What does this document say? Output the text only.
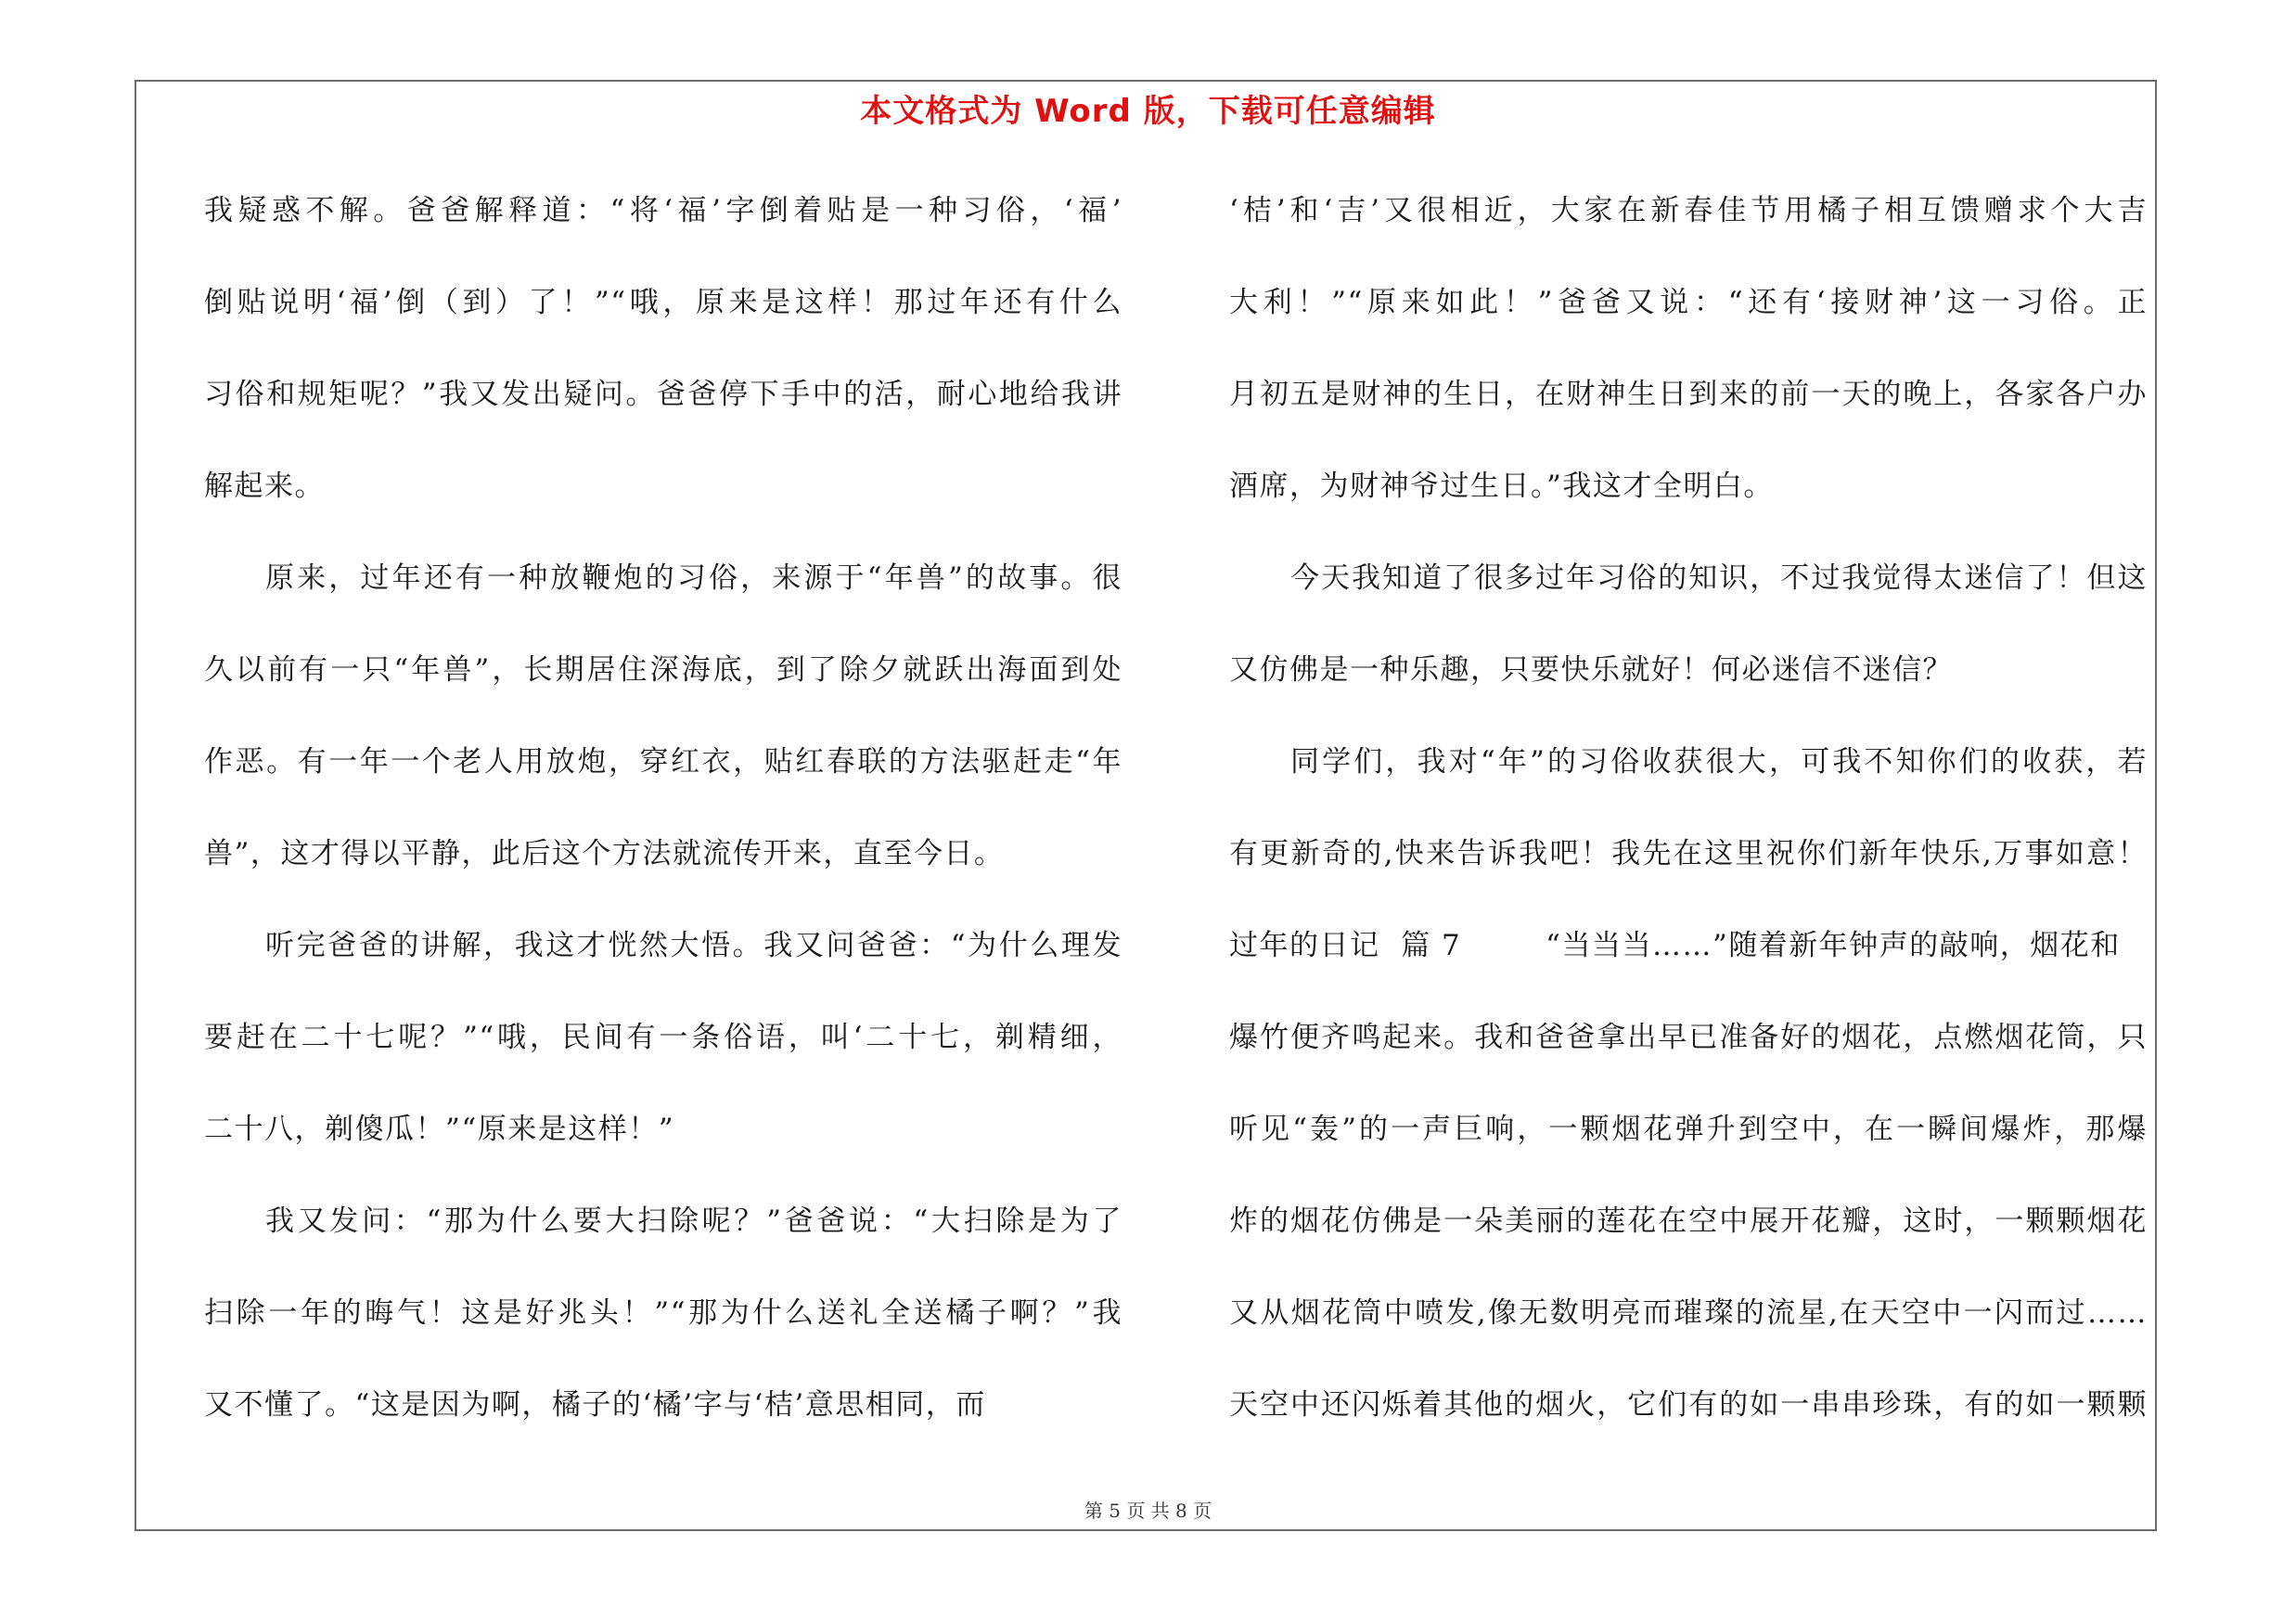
本文格式为 Word 版，下载可任意编辑
我疑惑不解。爸爸解释道：“将‘福’字倒着贴是一种习俗，‘福’
倒贴说明‘福’倒（到）了！”“哦，原来是这样！那过年还有什么
习俗和规矩呢？”我又发出疑问。爸爸停下手中的活，耐心地给我讲
解起来。
原来，过年还有一种放鞭炮的习俗，来源于“年兽”的故事。很
久以前有一只“年兽”，长期居住深海底，到了除夕就跃出海面到处
作恶。有一年一个老人用放炮，穿红衣，贴红春联的方法驱赶走“年
兽”，这才得以平静，此后这个方法就流传开来，直至今日。
听完爸爸的讲解，我这才恍然大悟。我又问爸爸：“为什么理发
要赶在二十七呢？”“哦，民间有一条俗语，叫‘二十七，剃精细，
二十八，剃傻瓜！”“原来是这样！”
我又发问：“那为什么要大扫除呢？”爸爸说：“大扫除是为了
扫除一年的晦气！这是好兆头！”“那为什么送礼全送橘子啊？”我
又不懂了。“这是因为啊，橘子的‘橘’字与‘桔’意思相同，而
‘桔’和‘吉’又很相近，大家在新春佳节用橘子相互馈赠求个大吉
大利！”“原来如此！”爸爸又说：“还有‘接财神’这一习俗。正
月初五是财神的生日，在财神生日到来的前一天的晚上，各家各户办
酒席，为财神爷过生日。”我这才全明白。
今天我知道了很多过年习俗的知识，不过我觉得太迷信了！但这
又仿佛是一种乐趣，只要快乐就好！何必迷信不迷信？
同学们，我对“年”的习俗收获很大，可我不知你们的收获，若
有更新奇的,快来告诉我吧！我先在这里祝你们新年快乐,万事如意！
过年的日记  篇 7        “当当当……”随着新年钟声的敲响，烟花和
爆竹便齐鸣起来。我和爸爸拿出早已准备好的烟花，点燃烟花筒，只
听见“轰”的一声巨响，一颗烟花弹升到空中，在一瞬间爆炸，那爆
炸的烟花仿佛是一朵美丽的莲花在空中展开花瓣，这时，一颗颗烟花
又从烟花筒中喷发,像无数明亮而璀璨的流星,在天空中一闪而过……
天空中还闪烁着其他的烟火，它们有的如一串串珍珠，有的如一颗颗
第 5 页 共 8 页
